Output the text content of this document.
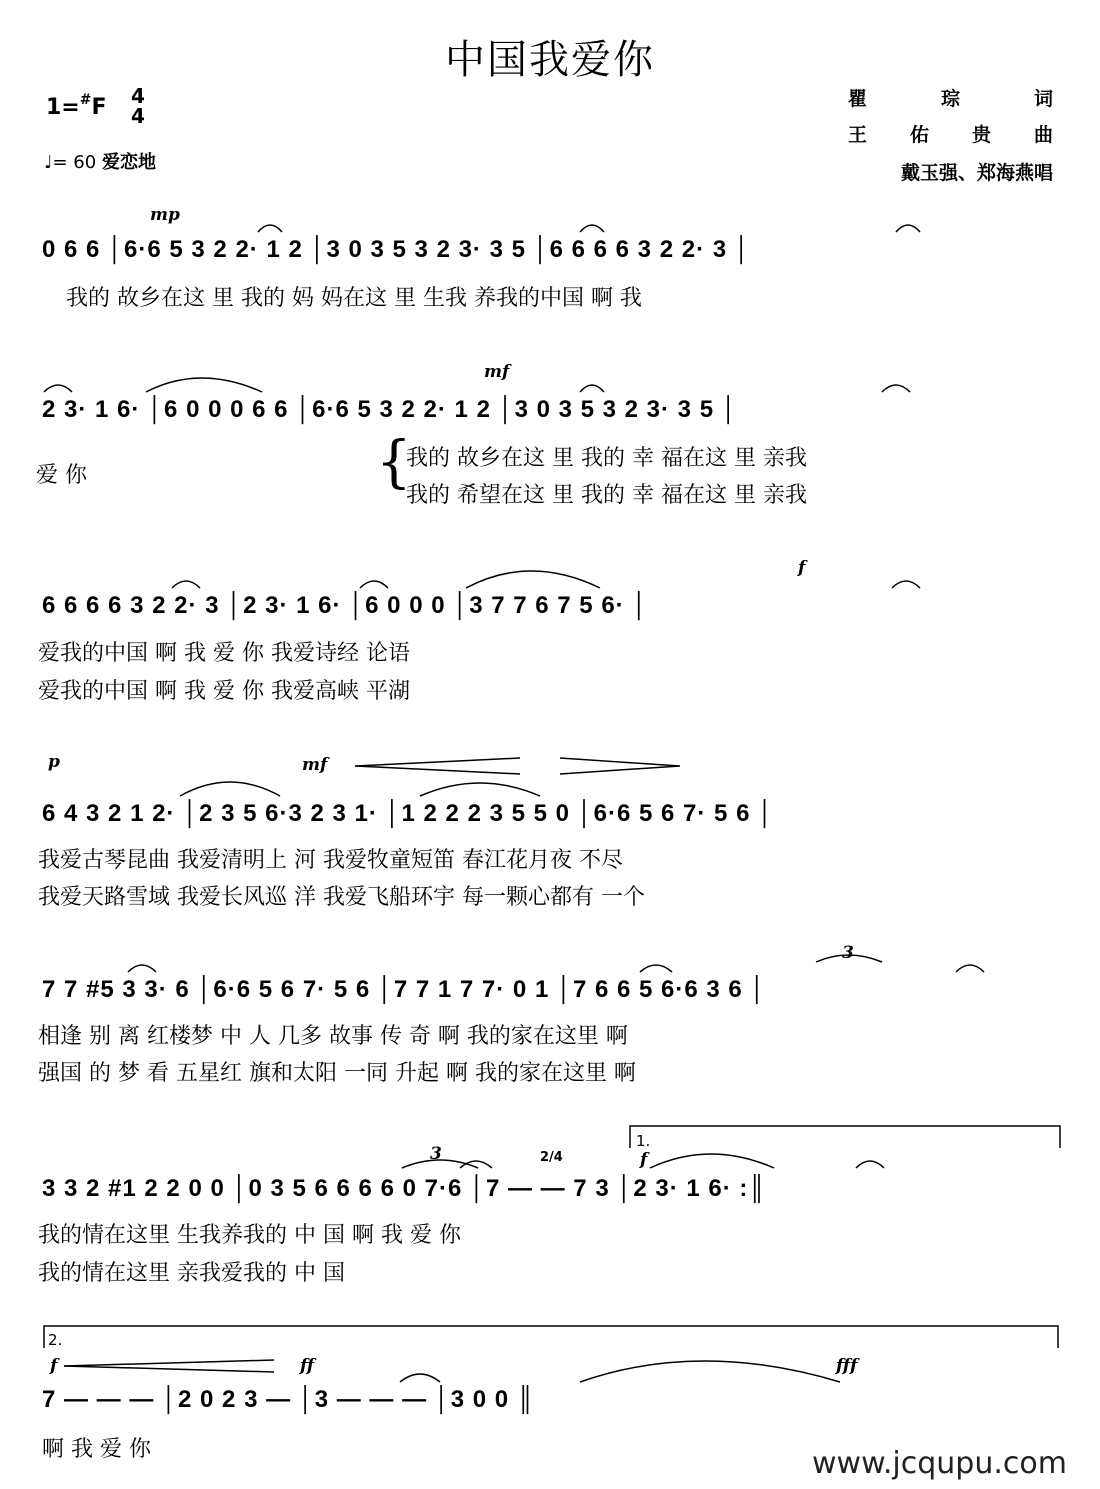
中国我爱你
1=#F 4
4
♩= 60 爱恋地
瞿琮词
王佑贵曲
戴玉强、郑海燕唱
mp
0 6 6 │6·6 5 3 2 2· 1 2 │3 0 3 5 3 2 3· 3 5 │6 6 6 6 3 2 2· 3 │
我的 故乡在这 里 我的 妈 妈在这 里 生我 养我的中国 啊 我
mf
2 3· 1 6· │6 0 0 0 6 6 │6·6 5 3 2 2· 1 2 │3 0 3 5 3 2 3· 3 5 │
爱 你	{
我的 故乡在这 里 我的 幸 福在这 里 亲我
我的 希望在这 里 我的 幸 福在这 里 亲我
f
6 6 6 6 3 2 2· 3 │2 3· 1 6· │6 0 0 0 │3 7 7 6 7 5 6· │
爱我的中国 啊 我 爱 你 我爱诗经 论语
爱我的中国 啊 我 爱 你 我爱高峡 平湖
p	mf
6 4 3 2 1 2· │2 3 5 6·3 2 3 1· │1 2 2 2 3 5 5 0 │6·6 5 6 7· 5 6 │
我爱古琴昆曲 我爱清明上 河 我爱牧童短笛 春江花月夜 不尽
我爱天路雪域 我爱长风巡 洋 我爱飞船环宇 每一颗心都有 一个
3
7 7 #5 3 3· 6 │6·6 5 6 7· 5 6 │7 7 1 7 7· 0 1 │7 6 6 5 6·6 3 6 │
相逢 别 离 红楼梦 中 人 几多 故事 传 奇 啊 我的家在这里 啊
强国 的 梦 看 五星红 旗和太阳 一同 升起 啊 我的家在这里 啊
1.
3	f
2/4
3 3 2 #1 2 2 0 0 │0 3 5 6 6 6 6 0 7·6 │7 — — 7 3 │2 3· 1 6· :║
我的情在这里 生我养我的 中 国 啊 我 爱 你
我的情在这里 亲我爱我的 中 国
2.
f	ff	fff
7 — — — │2 0 2 3 — │3 — — — │3 0 0 ║
啊 我 爱 你	www.jcqupu.com
